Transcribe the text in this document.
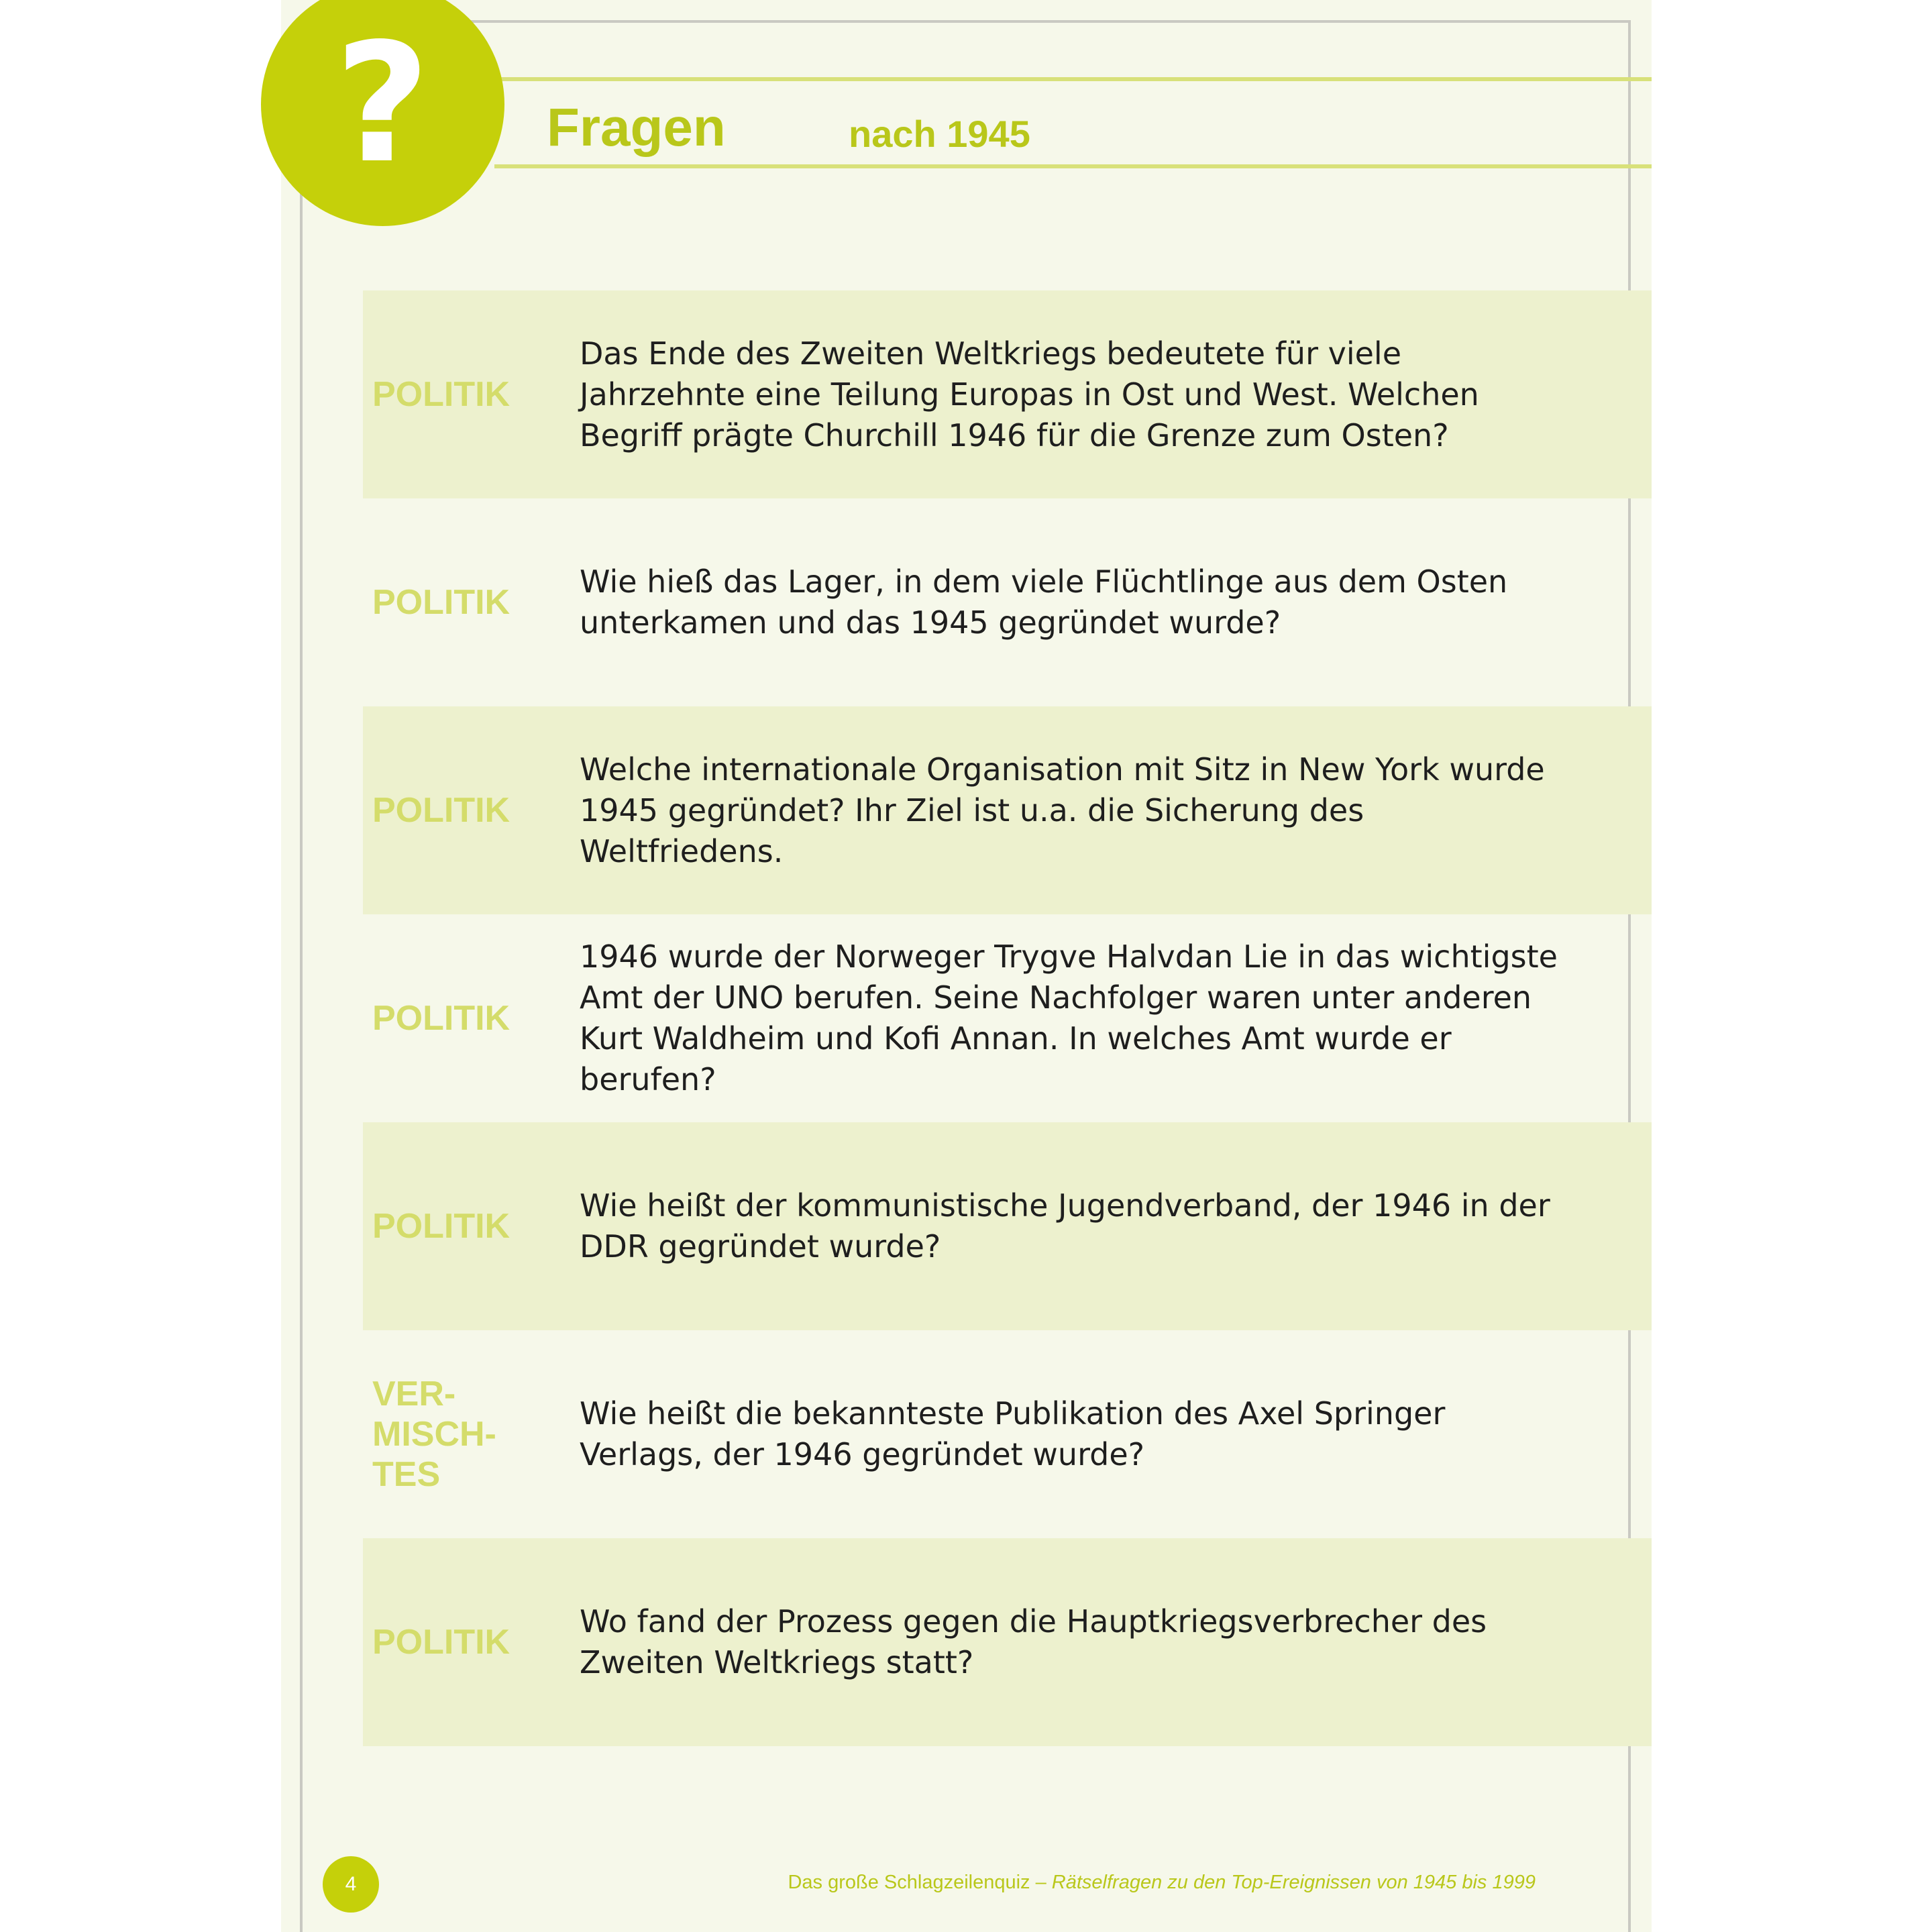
? Fragen	nach 1945
POLITIK
Das Ende des Zweiten Weltkriegs bedeutete für viele Jahrzehnte eine Teilung Europas in Ost und West. Welchen Begriff prägte Churchill 1946 für die Grenze zum Osten?
POLITIK
Wie hieß das Lager, in dem viele Flüchtlinge aus dem Osten unterkamen und das 1945 gegründet wurde?
POLITIK
Welche internationale Organisation mit Sitz in New York wurde 1945 gegründet? Ihr Ziel ist u.a. die Sicherung des Weltfriedens.
POLITIK
1946 wurde der Norweger Trygve Halvdan Lie in das wichtigste Amt der UNO berufen. Seine Nachfolger waren unter anderen Kurt Waldheim und Kofi Annan. In welches Amt wurde er berufen?
POLITIK
Wie heißt der kommunistische Jugendverband, der 1946 in der DDR gegründet wurde?
VER-
MISCH-
TES
Wie heißt die bekannteste Publikation des Axel Springer Verlags, der 1946 gegründet wurde?
POLITIK
Wo fand der Prozess gegen die Hauptkriegsverbrecher des Zweiten Weltkriegs statt?
4	Das große Schlagzeilenquiz – Rätselfragen zu den Top-Ereignissen von 1945 bis 1999
